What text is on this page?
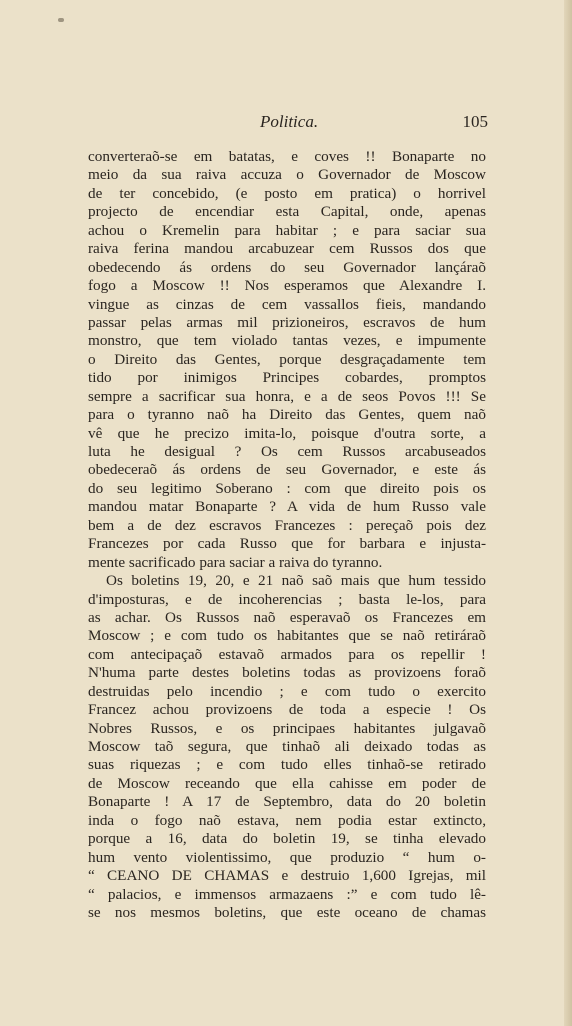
Politica.	105
converteraõ-se em batatas, e coves !! Bonaparte no
meio da sua raiva accuza o Governador de Moscow
de ter concebido, (e posto em pratica) o horrivel
projecto de encendiar esta Capital, onde, apenas
achou o Kremelin para habitar ; e para saciar sua
raiva ferina mandou arcabuzear cem Russos dos que
obedecendo ás ordens do seu Governador lançáraõ
fogo a Moscow !! Nos esperamos que Alexandre I.
vingue as cinzas de cem vassallos fieis, mandando
passar pelas armas mil prizioneiros, escravos de hum
monstro, que tem violado tantas vezes, e impumente
o Direito das Gentes, porque desgraçadamente tem
tido por inimigos Principes cobardes, promptos
sempre a sacrificar sua honra, e a de seos Povos !!! Se
para o tyranno naõ ha Direito das Gentes, quem naõ
vê que he precizo imita-lo, poisque d'outra sorte, a
luta he desigual ? Os cem Russos arcabuseados
obedeceraõ ás ordens de seu Governador, e este ás
do seu legitimo Soberano : com que direito pois os
mandou matar Bonaparte ? A vida de hum Russo vale
bem a de dez escravos Francezes : pereçaõ pois dez
Francezes por cada Russo que for barbara e injusta-
mente sacrificado para saciar a raiva do tyranno.
Os boletins 19, 20, e 21 naõ saõ mais que hum tessido
d'imposturas, e de incoherencias ; basta le-los, para
as achar. Os Russos naõ esperavaõ os Francezes em
Moscow ; e com tudo os habitantes que se naõ retiráraõ
com antecipaçaõ estavaõ armados para os repellir !
N'huma parte destes boletins todas as provizoens foraõ
destruidas pelo incendio ; e com tudo o exercito
Francez achou provizoens de toda a especie ! Os
Nobres Russos, e os principaes habitantes julgavaõ
Moscow taõ segura, que tinhaõ ali deixado todas as
suas riquezas ; e com tudo elles tinhaõ-se retirado
de Moscow receando que ella cahisse em poder de
Bonaparte ! A 17 de Septembro, data do 20 boletin
inda o fogo naõ estava, nem podia estar extincto,
porque a 16, data do boletin 19, se tinha elevado
hum vento violentissimo, que produzio “ hum o-
“ CEANO DE CHAMAS e destruio 1,600 Igrejas, mil
“ palacios, e immensos armazaens :” e com tudo lê-
se nos mesmos boletins, que este oceano de chamas
